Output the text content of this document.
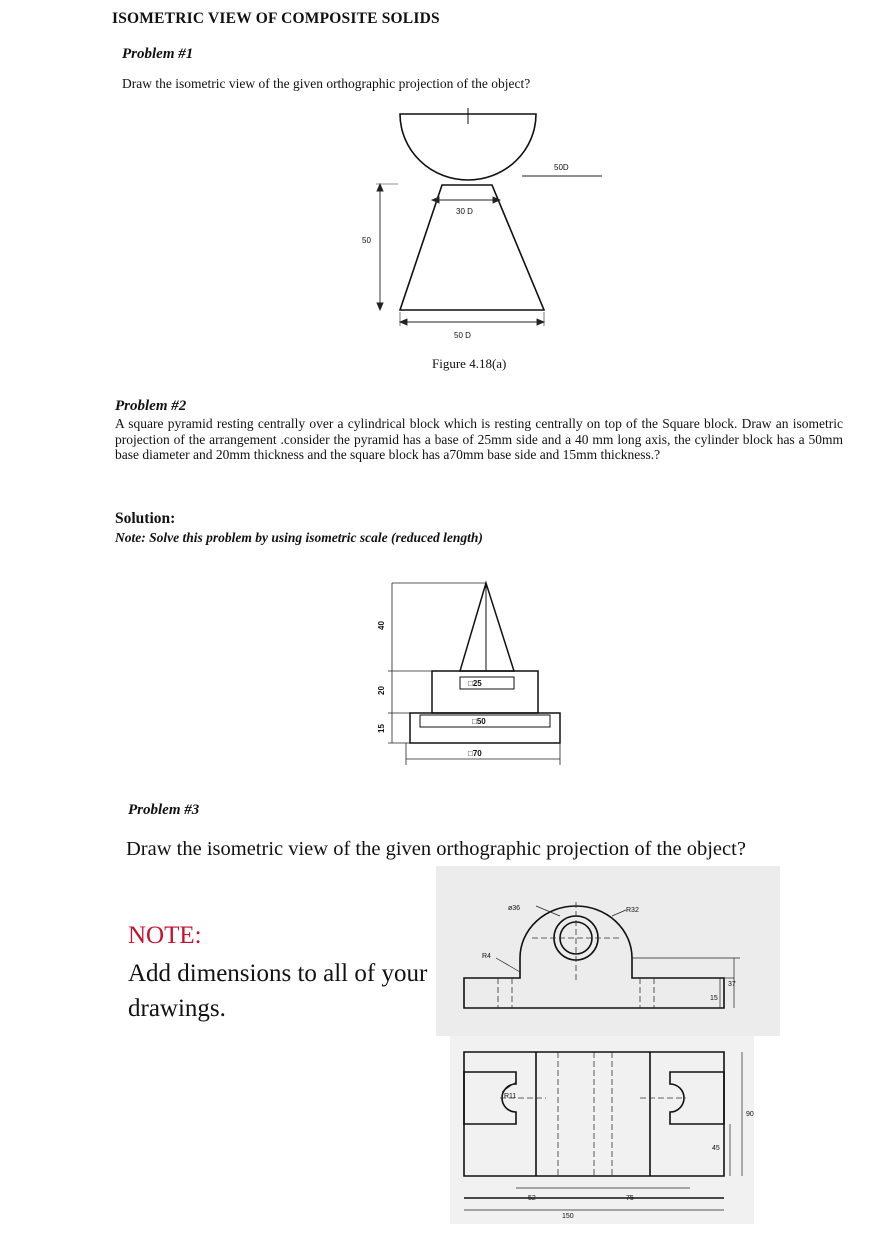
ISOMETRIC VIEW OF COMPOSITE SOLIDS
Problem #1
Draw the isometric view of the given orthographic projection of the object?
50D
30 D
50
50 D
Figure 4.18(a)
Problem #2
A square pyramid resting centrally over a cylindrical block which is resting centrally on top of the Square block. Draw an isometric projection of the arrangement .consider the pyramid has a base of 25mm side and a 40 mm long axis, the cylinder block has a 50mm base diameter and 20mm thickness and the square block has a70mm base side and 15mm thickness.?
Solution:
Note: Solve this problem by using isometric scale (reduced length)
40
20
15
□25
□50
□70
Problem #3
Draw the isometric view of the given orthographic projection of the object?
NOTE:
Add dimensions to all of your drawings.
ø36	R32
R4
37
15
R11
90
45
52	75
150
